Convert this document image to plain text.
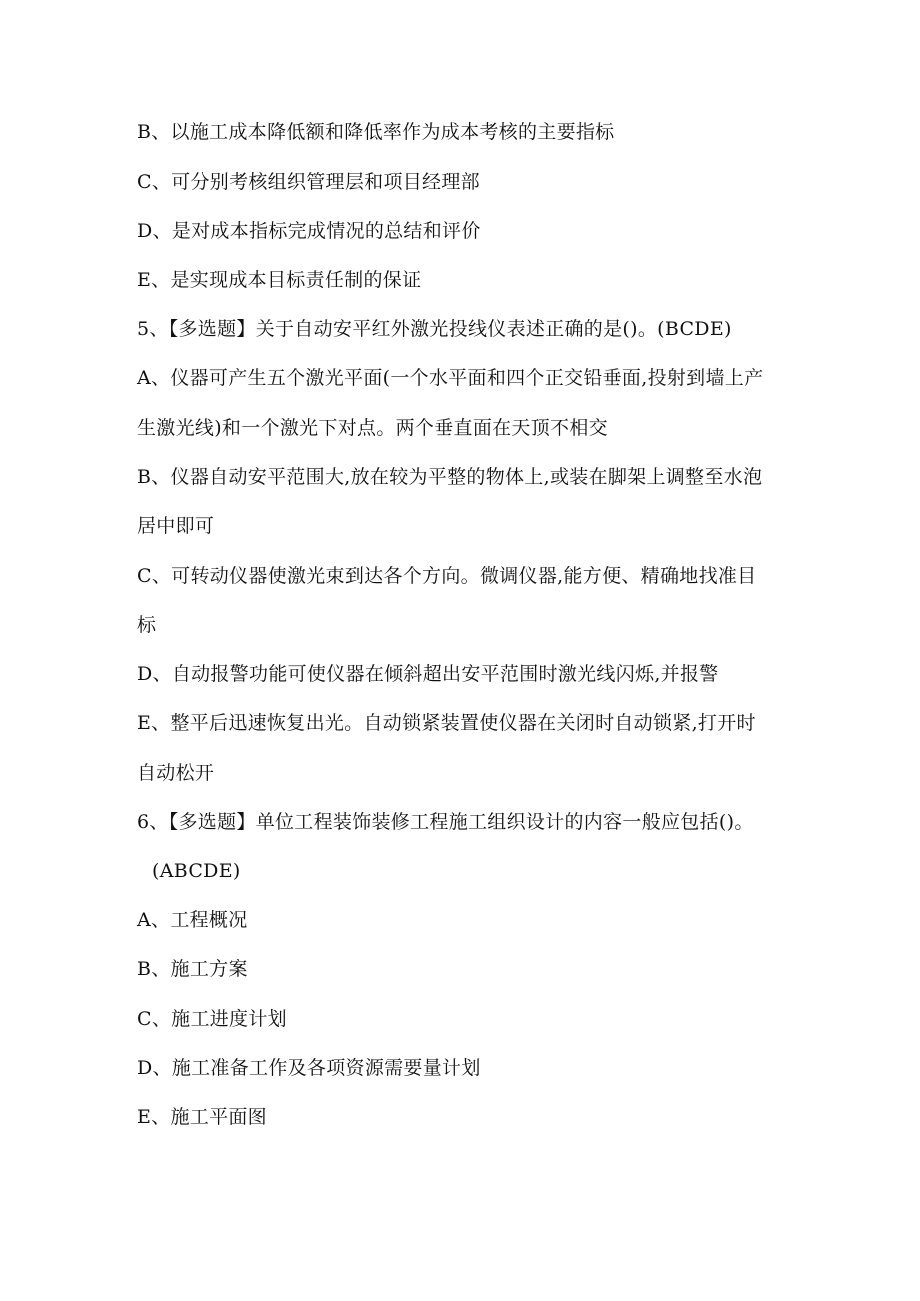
B、以施工成本降低额和降低率作为成本考核的主要指标
C、可分别考核组织管理层和项目经理部
D、是对成本指标完成情况的总结和评价
E、是实现成本目标责任制的保证
5、【多选题】关于自动安平红外激光投线仪表述正确的是()。(BCDE)
A、仪器可产生五个激光平面(一个水平面和四个正交铅垂面,投射到墙上产
生激光线)和一个激光下对点。两个垂直面在天顶不相交
B、仪器自动安平范围大,放在较为平整的物体上,或装在脚架上调整至水泡
居中即可
C、可转动仪器使激光束到达各个方向。微调仪器,能方便、精确地找准目
标
D、自动报警功能可使仪器在倾斜超出安平范围时激光线闪烁,并报警
E、整平后迅速恢复出光。自动锁紧装置使仪器在关闭时自动锁紧,打开时
自动松开
6、【多选题】单位工程装饰装修工程施工组织设计的内容一般应包括()。
(ABCDE)
A、工程概况
B、施工方案
C、施工进度计划
D、施工准备工作及各项资源需要量计划
E、施工平面图
